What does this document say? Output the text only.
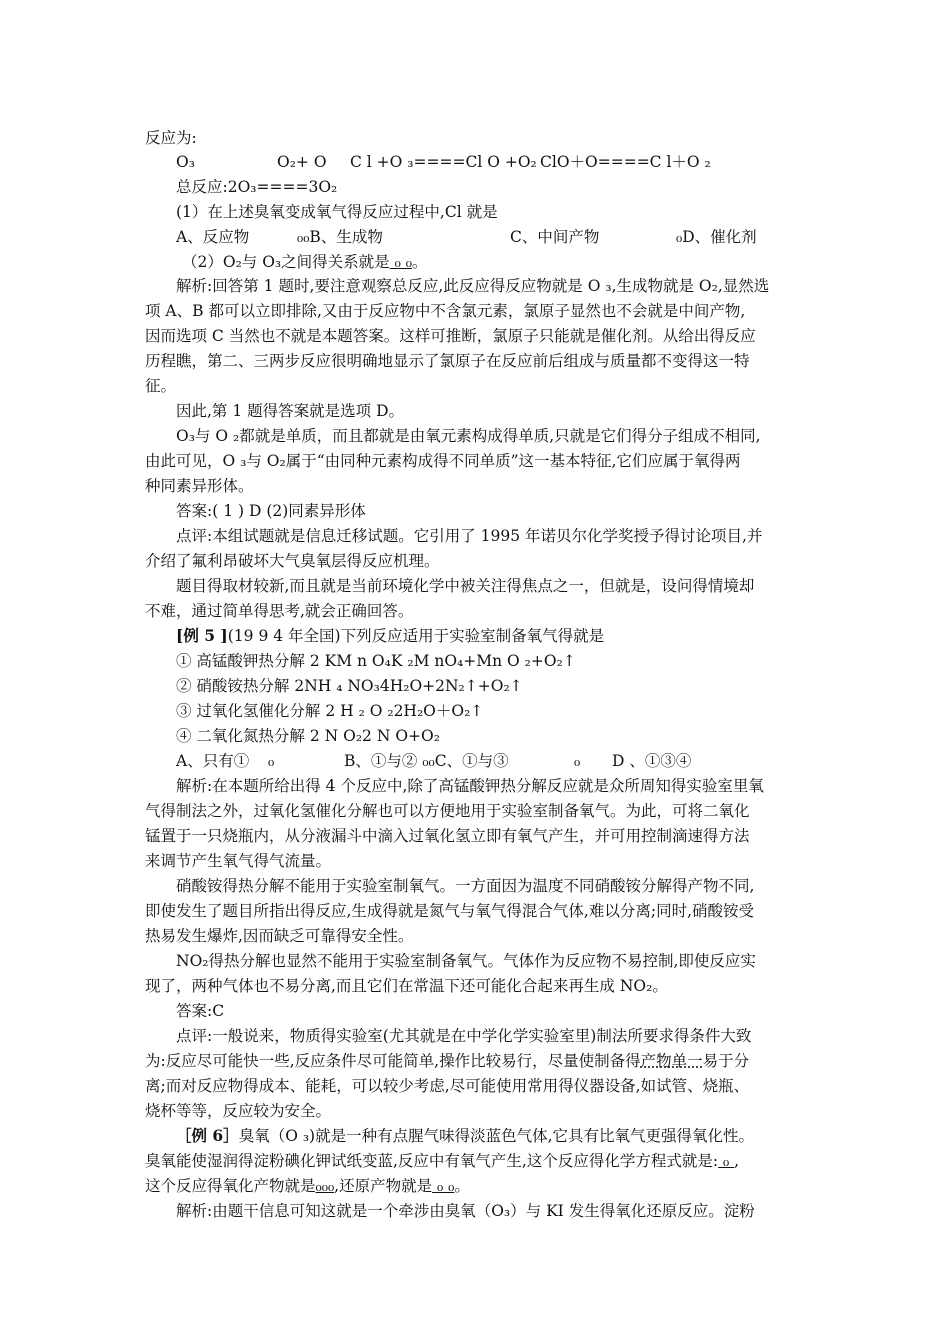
反应为:
O₃	O₂+ O C l +O ₃====Cl O +O₂ ClO＋O====C l＋O ₂
总反应:2O₃====3O₂
(1）在上述臭氧变成氧气得反应过程中,Cl 就是
A、反应物	₀₀B、生成物	C、中间产物	₀D、催化剂
（2）O₂与 O₃之间得关系就是 ₀ ₀。
解析:回答第 1 题时,要注意观察总反应,此反应得反应物就是 O ₃,生成物就是 O₂,显然选
项 A、B 都可以立即排除,又由于反应物中不含氯元素，氯原子显然也不会就是中间产物,
因而选项 C 当然也不就是本题答案。这样可推断，氯原子只能就是催化剂。从给出得反应
历程瞧，第二、三两步反应很明确地显示了氯原子在反应前后组成与质量都不变得这一特
征。
因此,第 1 题得答案就是选项 D。
O₃与 O ₂都就是单质，而且都就是由氧元素构成得单质,只就是它们得分子组成不相同,
由此可见，O ₃与 O₂属于“由同种元素构成得不同单质”这一基本特征,它们应属于氧得两
种同素异形体。
答案:( 1 ) D (2)同素异形体
点评:本组试题就是信息迁移试题。它引用了 1995 年诺贝尔化学奖授予得讨论项目,并
介绍了氟利昂破坏大气臭氧层得反应机理。
题目得取材较新,而且就是当前环境化学中被关注得焦点之一，但就是，设问得情境却
不难，通过简单得思考,就会正确回答。
[例 5 ](19 9 4 年全国)下列反应适用于实验室制备氧气得就是
① 高锰酸钾热分解 2 KM n O₄K ₂M nO₄+Mn O ₂+O₂↑
② 硝酸铵热分解 2NH ₄ NO₃4H₂O+2N₂↑+O₂↑
③ 过氧化氢催化分解 2 H ₂ O ₂2H₂O＋O₂↑
④ 二氧化氮热分解 2 N O₂2 N O+O₂
A、只有① ₀	B、①与② ₀₀C、①与③	₀ D 、①③④
解析:在本题所给出得 4 个反应中,除了高锰酸钾热分解反应就是众所周知得实验室里氧
气得制法之外，过氧化氢催化分解也可以方便地用于实验室制备氧气。为此，可将二氧化
锰置于一只烧瓶内，从分液漏斗中滴入过氧化氢立即有氧气产生，并可用控制滴速得方法
来调节产生氧气得气流量。
硝酸铵得热分解不能用于实验室制氧气。一方面因为温度不同硝酸铵分解得产物不同,
即使发生了题目所指出得反应,生成得就是氮气与氧气得混合气体,难以分离;同时,硝酸铵受
热易发生爆炸,因而缺乏可靠得安全性。
NO₂得热分解也显然不能用于实验室制备氧气。气体作为反应物不易控制,即使反应实
现了，两种气体也不易分离,而且它们在常温下还可能化合起来再生成 NO₂。
答案:C
点评:一般说来，物质得实验室(尤其就是在中学化学实验室里)制法所要求得条件大致
为:反应尽可能快一些,反应条件尽可能简单,操作比较易行，尽量使制备得产物单一易于分
离;而对反应物得成本、能耗，可以较少考虑,尽可能使用常用得仪器设备,如试管、烧瓶、
烧杯等等，反应较为安全。
［例 6］臭氧（O ₃)就是一种有点腥气味得淡蓝色气体,它具有比氧气更强得氧化性。
臭氧能使湿润得淀粉碘化钾试纸变蓝,反应中有氧气产生,这个反应得化学方程式就是: ₀ ,
这个反应得氧化产物就是₀₀₀,还原产物就是 ₀ ₀。
解析:由题干信息可知这就是一个牵涉由臭氧（O₃）与 KI 发生得氧化还原反应。淀粉
